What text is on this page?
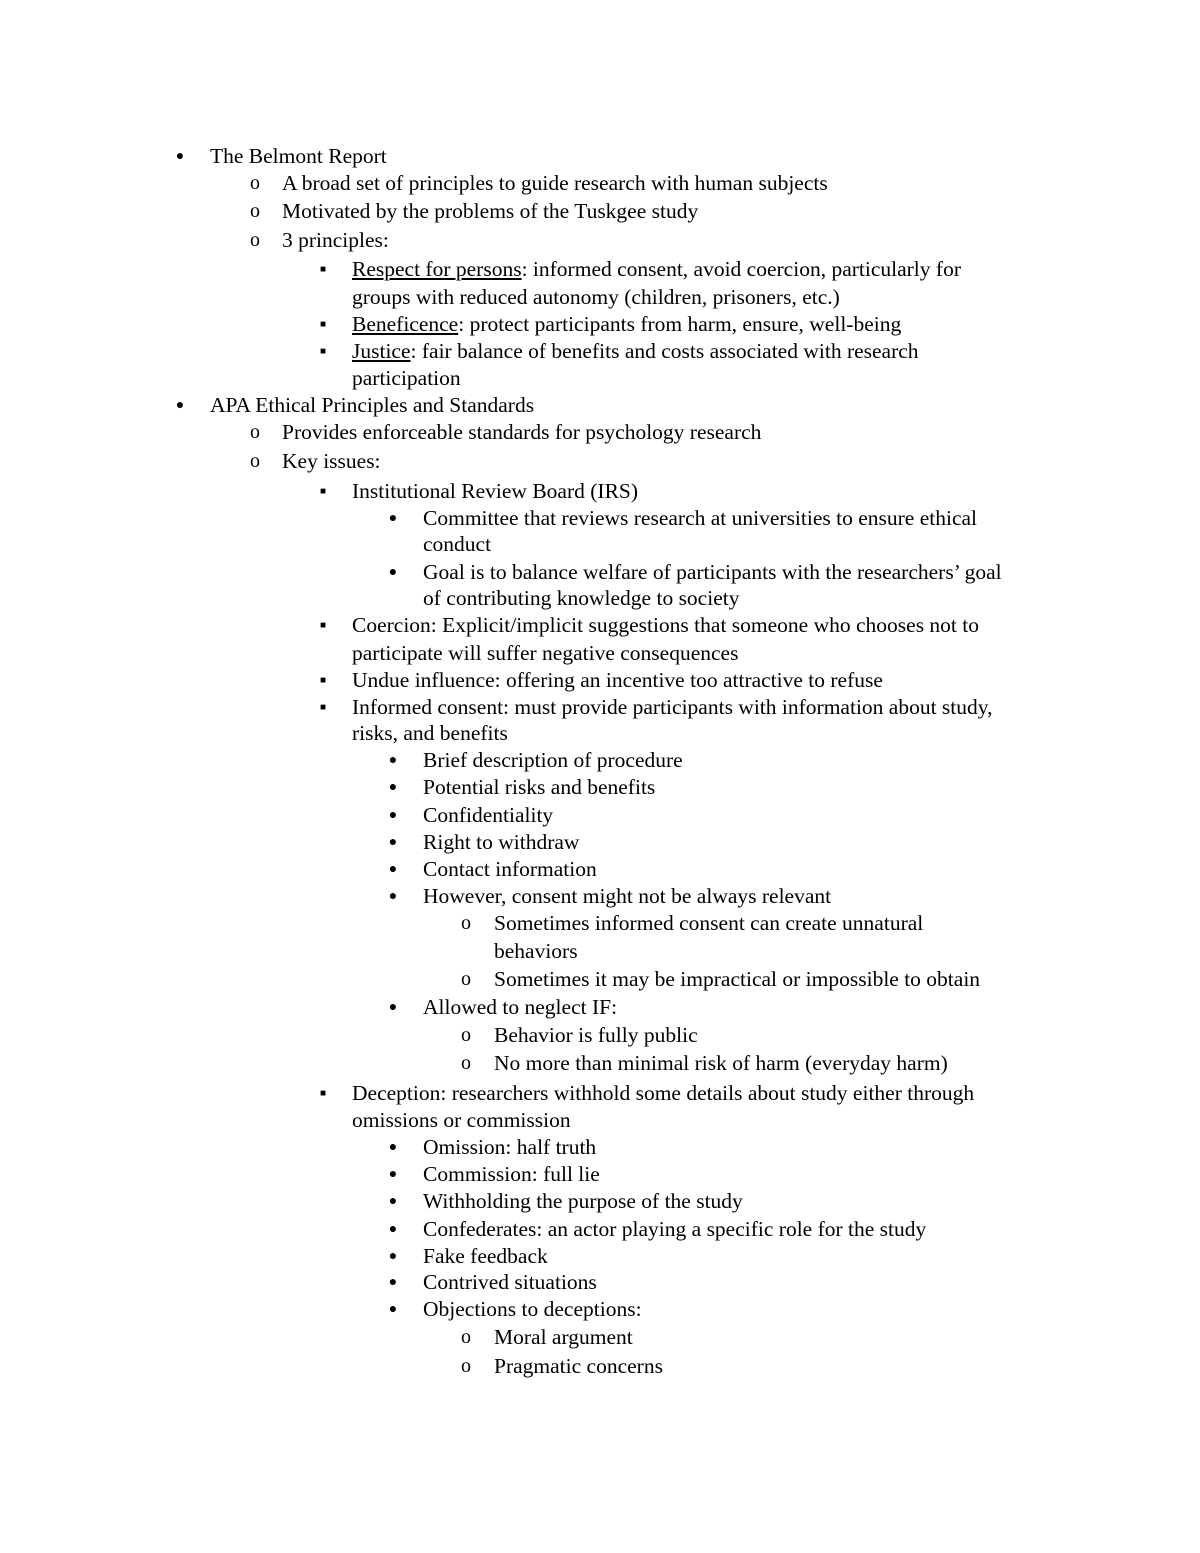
● The Belmont Report
o A broad set of principles to guide research with human subjects
o Motivated by the problems of the Tuskgee study
o 3 principles:
■	Respect for persons: informed consent, avoid coercion, particularly for
groups with reduced autonomy (children, prisoners, etc.)
■	Beneficence: protect participants from harm, ensure, well-being
■	Justice: fair balance of benefits and costs associated with research
participation
● APA Ethical Principles and Standards
o Provides enforceable standards for psychology research
o Key issues:
■	Institutional Review Board (IRS)
● Committee that reviews research at universities to ensure ethical
conduct
● Goal is to balance welfare of participants with the researchers’ goal
of contributing knowledge to society
■	Coercion: Explicit/implicit suggestions that someone who chooses not to
participate will suffer negative consequences
■	Undue influence: offering an incentive too attractive to refuse
■	Informed consent: must provide participants with information about study,
risks, and benefits
● Brief description of procedure
● Potential risks and benefits
● Confidentiality
● Right to withdraw
● Contact information
● However, consent might not be always relevant
o Sometimes informed consent can create unnatural
behaviors
o Sometimes it may be impractical or impossible to obtain
● Allowed to neglect IF:
o Behavior is fully public
o No more than minimal risk of harm (everyday harm)
■	Deception: researchers withhold some details about study either through
omissions or commission
● Omission: half truth
● Commission: full lie
● Withholding the purpose of the study
● Confederates: an actor playing a specific role for the study
● Fake feedback
● Contrived situations
● Objections to deceptions:
o Moral argument
o Pragmatic concerns
